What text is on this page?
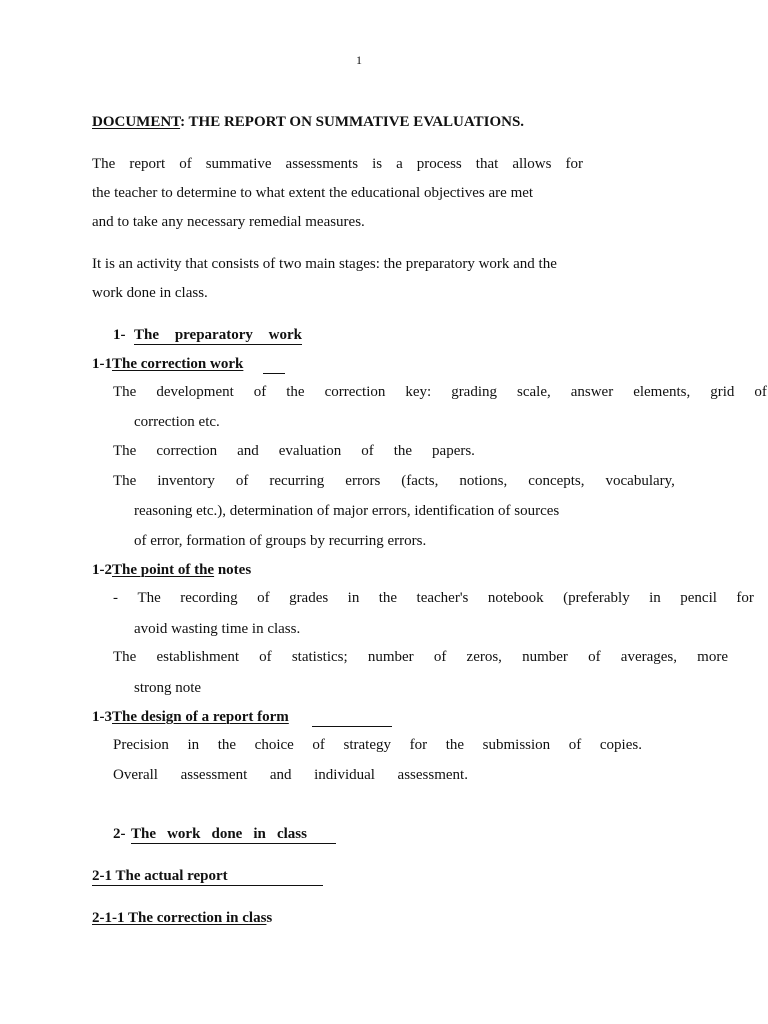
1
DOCUMENT: THE REPORT ON SUMMATIVE EVALUATIONS.
The report of summative assessments is a process that allows for
the teacher to determine to what extent the educational objectives are met
and to take any necessary remedial measures.
It is an activity that consists of two main stages: the preparatory work and the
work done in class.
1- The preparatory work
1-1The correction work
The development of the correction key: grading scale, answer elements, grid of
correction etc.
The correction and evaluation of the papers.
The inventory of recurring errors (facts, notions, concepts, vocabulary,
reasoning etc.), determination of major errors, identification of sources
of error, formation of groups by recurring errors.
1-2The point of the notes
- The recording of grades in the teacher's notebook (preferably in pencil for
avoid wasting time in class.
The establishment of statistics; number of zeros, number of averages, more
strong note
1-3The design of a report form
Precision in the choice of strategy for the submission of copies.
Overall assessment and individual assessment.
2- The work done in class
2-1 The actual report
2-1-1 The correction in class
